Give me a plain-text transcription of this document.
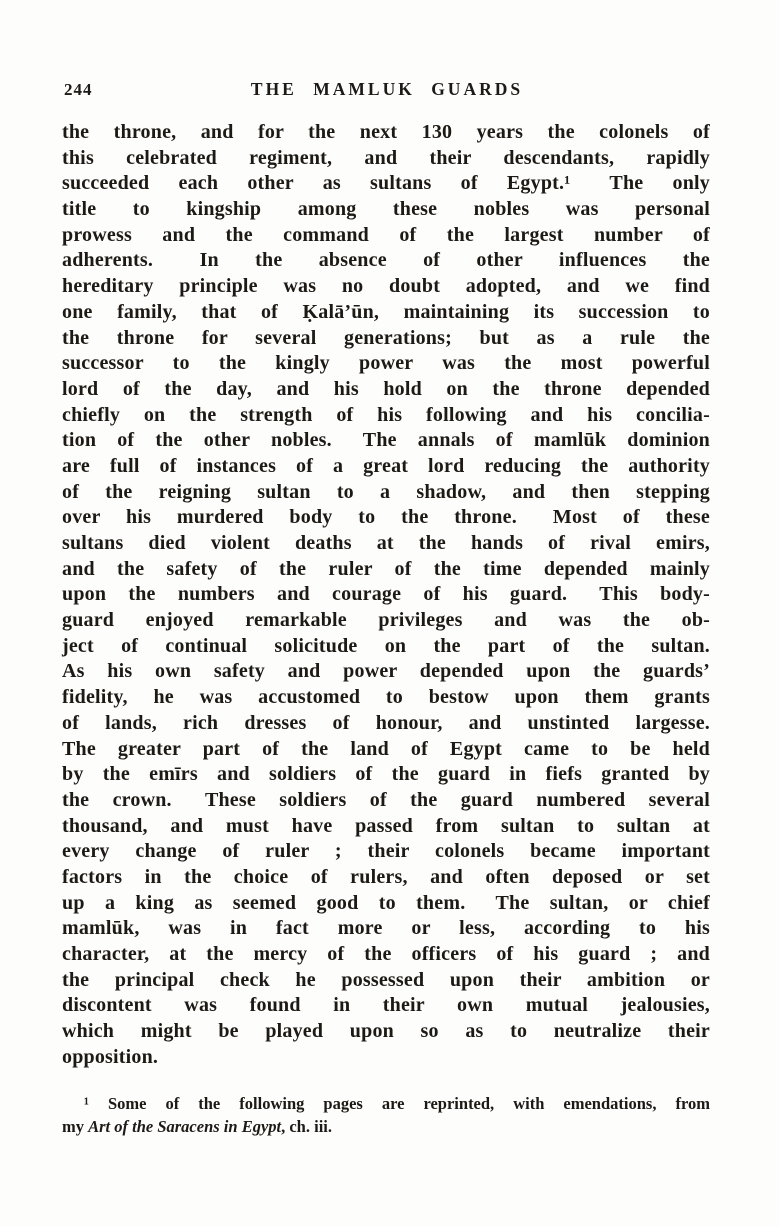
244	THE MAMLUK GUARDS
the throne, and for the next 130 years the colonels of
this celebrated regiment, and their descendants, rapidly
succeeded each other as sultans of Egypt.¹  The only
title to kingship among these nobles was personal
prowess and the command of the largest number of
adherents.  In the absence of other influences the
hereditary principle was no doubt adopted, and we find
one family, that of Ḳalā’ūn, maintaining its succession to
the throne for several generations; but as a rule the
successor to the kingly power was the most powerful
lord of the day, and his hold on the throne depended
chiefly on the strength of his following and his concilia-
tion of the other nobles.  The annals of mamlūk dominion
are full of instances of a great lord reducing the authority
of the reigning sultan to a shadow, and then stepping
over his murdered body to the throne.  Most of these
sultans died violent deaths at the hands of rival emirs,
and the safety of the ruler of the time depended mainly
upon the numbers and courage of his guard.  This body-
guard enjoyed remarkable privileges and was the ob-
ject of continual solicitude on the part of the sultan.
As his own safety and power depended upon the guards’
fidelity, he was accustomed to bestow upon them grants
of lands, rich dresses of honour, and unstinted largesse.
The greater part of the land of Egypt came to be held
by the emīrs and soldiers of the guard in fiefs granted by
the crown.  These soldiers of the guard numbered several
thousand, and must have passed from sultan to sultan at
every change of ruler ; their colonels became important
factors in the choice of rulers, and often deposed or set
up a king as seemed good to them.  The sultan, or chief
mamlūk, was in fact more or less, according to his
character, at the mercy of the officers of his guard ; and
the principal check he possessed upon their ambition or
discontent was found in their own mutual jealousies,
which might be played upon so as to neutralize their
opposition.
¹ Some of the following pages are reprinted, with emendations, from
my Art of the Saracens in Egypt, ch. iii.
